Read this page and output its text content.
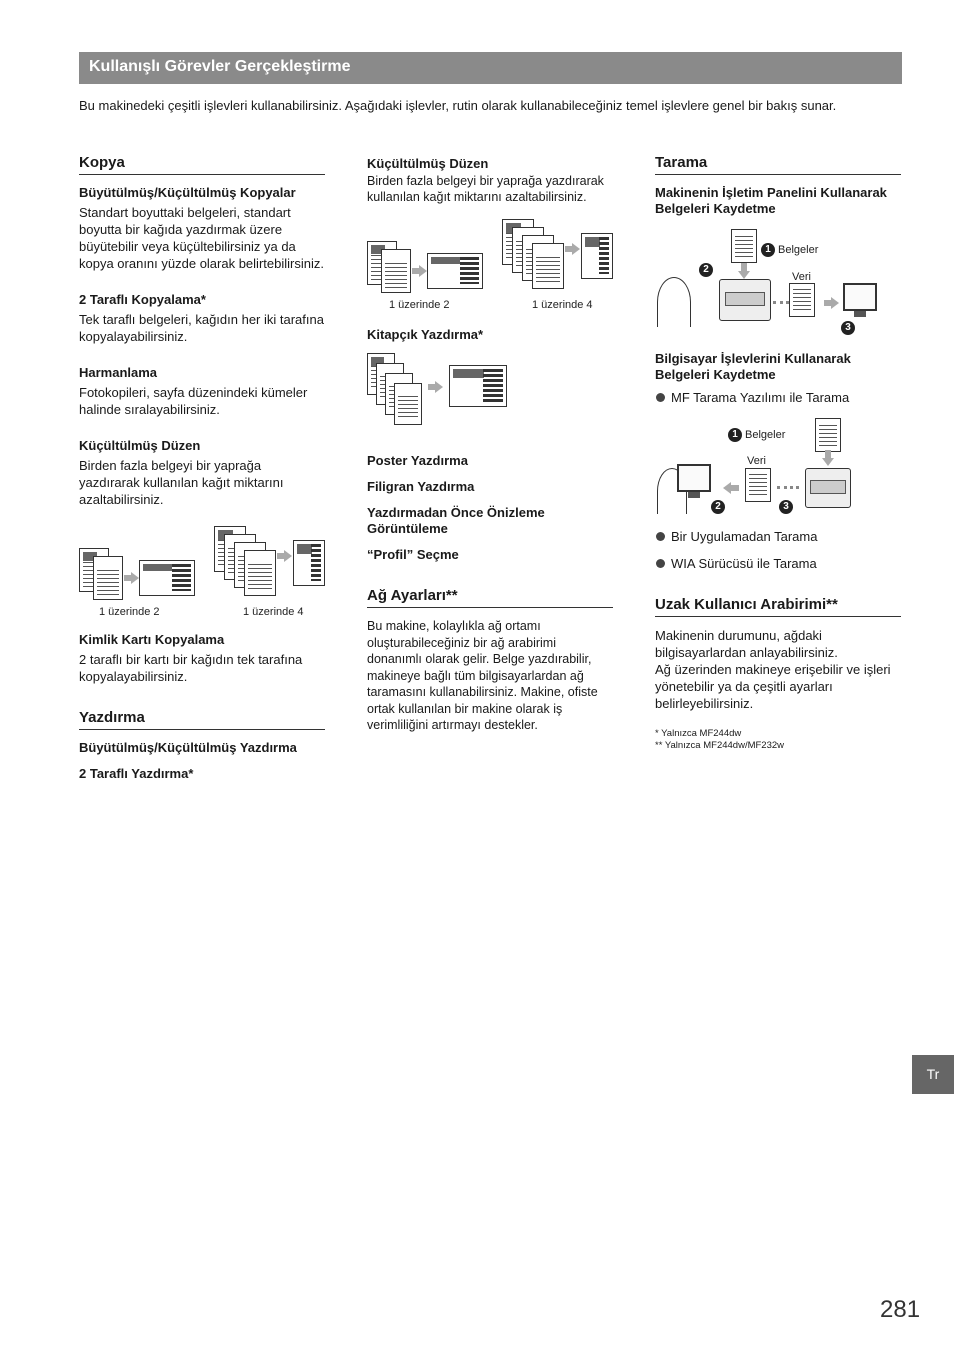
Kullanışlı Görevler Gerçekleştirme
Bu makinedeki çeşitli işlevleri kullanabilirsiniz. Aşağıdaki işlevler, rutin olarak kullanabileceğiniz temel işlevlere genel bir bakış sunar.
Kopya
Büyütülmüş/Küçültülmüş Kopyalar
Standart boyuttaki belgeleri, standart boyutta bir kağıda yazdırmak üzere büyütebilir veya küçültebilirsiniz ya da kopya oranını yüzde olarak belirtebilirsiniz.
2 Taraflı Kopyalama*
Tek taraflı belgeleri, kağıdın her iki tarafına kopyalayabilirsiniz.
Harmanlama
Fotokopileri, sayfa düzenindeki kümeler halinde sıralayabilirsiniz.
Küçültülmüş Düzen
Birden fazla belgeyi bir yaprağa yazdırarak kullanılan kağıt miktarını azaltabilirsiniz.
1 üzerinde 2	1 üzerinde 4
Kimlik Kartı Kopyalama
2 taraflı bir kartı bir kağıdın tek tarafına kopyalayabilirsiniz.
Yazdırma
Büyütülmüş/Küçültülmüş Yazdırma
2 Taraflı Yazdırma*
Küçültülmüş Düzen
Birden fazla belgeyi bir yaprağa yazdırarak kullanılan kağıt miktarını azaltabilirsiniz.
1 üzerinde 2	1 üzerinde 4
Kitapçık Yazdırma*
Poster Yazdırma
Filigran Yazdırma
Yazdırmadan Önce Önizleme Görüntüleme
“Profil” Seçme
Ağ Ayarları**
Bu makine, kolaylıkla ağ ortamı oluşturabileceğiniz bir ağ arabirimi donanımlı olarak gelir. Belge yazdırabilir, makineye bağlı tüm bilgisayarlardan ağ taramasını kullanabilirsiniz. Makine, ofiste ortak kullanılan bir makine olarak iş verimliliğini artırmayı destekler.
Tarama
Makinenin İşletim Panelini Kullanarak Belgeleri Kaydetme
1 Belgeler
2
Veri
3
Bilgisayar İşlevlerini Kullanarak Belgeleri Kaydetme
MF Tarama Yazılımı ile Tarama
1 Belgeler
2
Veri
3
Bir Uygulamadan Tarama
WIA Sürücüsü ile Tarama
Uzak Kullanıcı Arabirimi**
Makinenin durumunu, ağdaki bilgisayarlardan anlayabilirsiniz.
Ağ üzerinden makineye erişebilir ve işleri yönetebilir ya da çeşitli ayarları belirleyebilirsiniz.
* Yalnızca MF244dw
** Yalnızca MF244dw/MF232w
Tr
281
